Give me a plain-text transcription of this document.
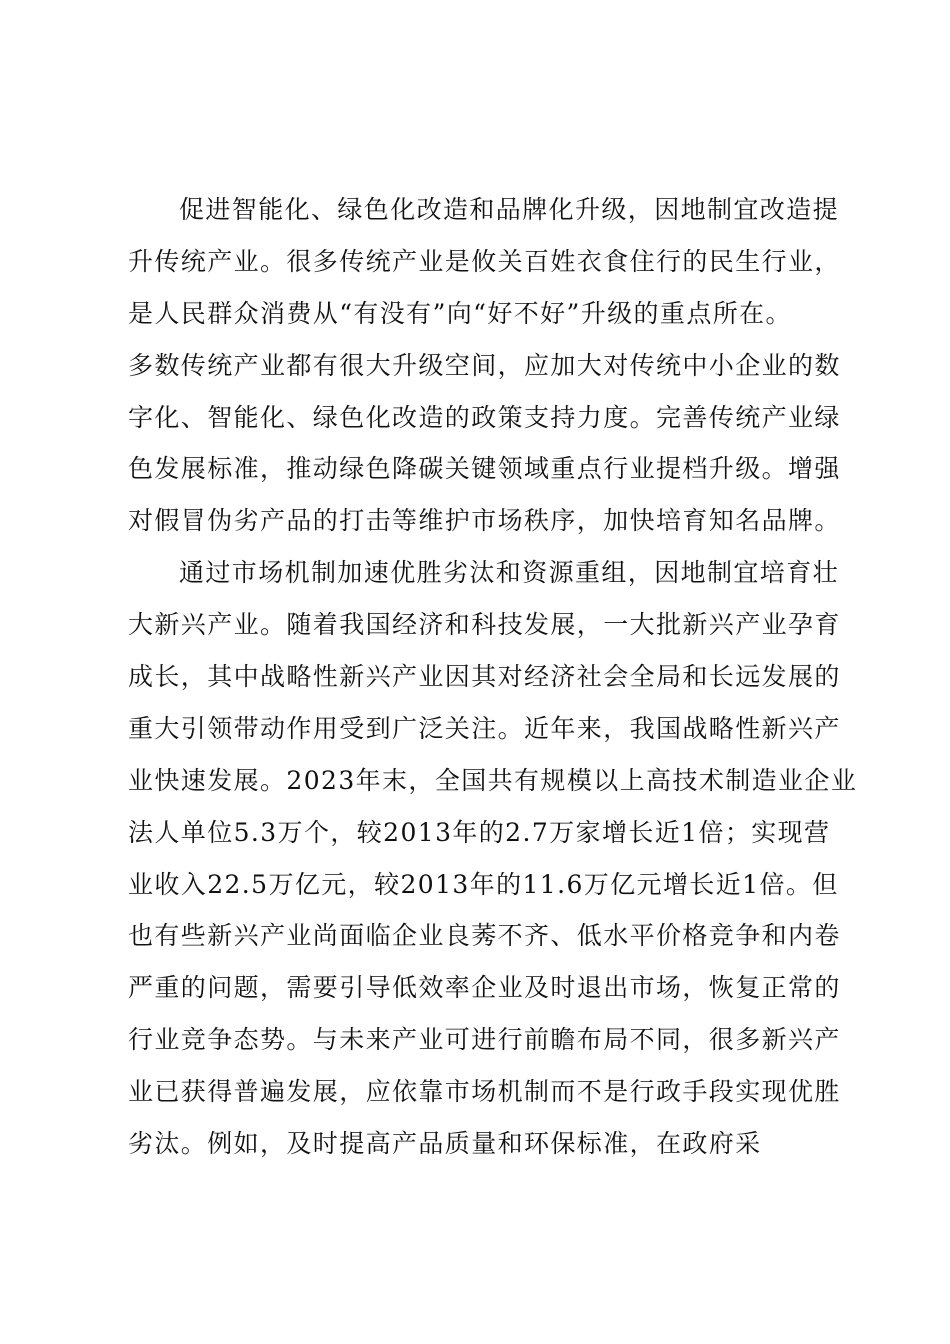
促进智能化、绿色化改造和品牌化升级，因地制宜改造提
升传统产业。很多传统产业是攸关百姓衣食住行的民生行业，
是人民群众消费从“有没有”向“好不好”升级的重点所在。
多数传统产业都有很大升级空间，应加大对传统中小企业的数
字化、智能化、绿色化改造的政策支持力度。完善传统产业绿
色发展标准，推动绿色降碳关键领域重点行业提档升级。增强
对假冒伪劣产品的打击等维护市场秩序，加快培育知名品牌。
通过市场机制加速优胜劣汰和资源重组，因地制宜培育壮
大新兴产业。随着我国经济和科技发展，一大批新兴产业孕育
成长，其中战略性新兴产业因其对经济社会全局和长远发展的
重大引领带动作用受到广泛关注。近年来，我国战略性新兴产
业快速发展。2023年末，全国共有规模以上高技术制造业企业
法人单位5.3万个，较2013年的2.7万家增长近1倍；实现营
业收入22.5万亿元，较2013年的11.6万亿元增长近1倍。但
也有些新兴产业尚面临企业良莠不齐、低水平价格竞争和内卷
严重的问题，需要引导低效率企业及时退出市场，恢复正常的
行业竞争态势。与未来产业可进行前瞻布局不同，很多新兴产
业已获得普遍发展，应依靠市场机制而不是行政手段实现优胜
劣汰。例如，及时提高产品质量和环保标准，在政府采
